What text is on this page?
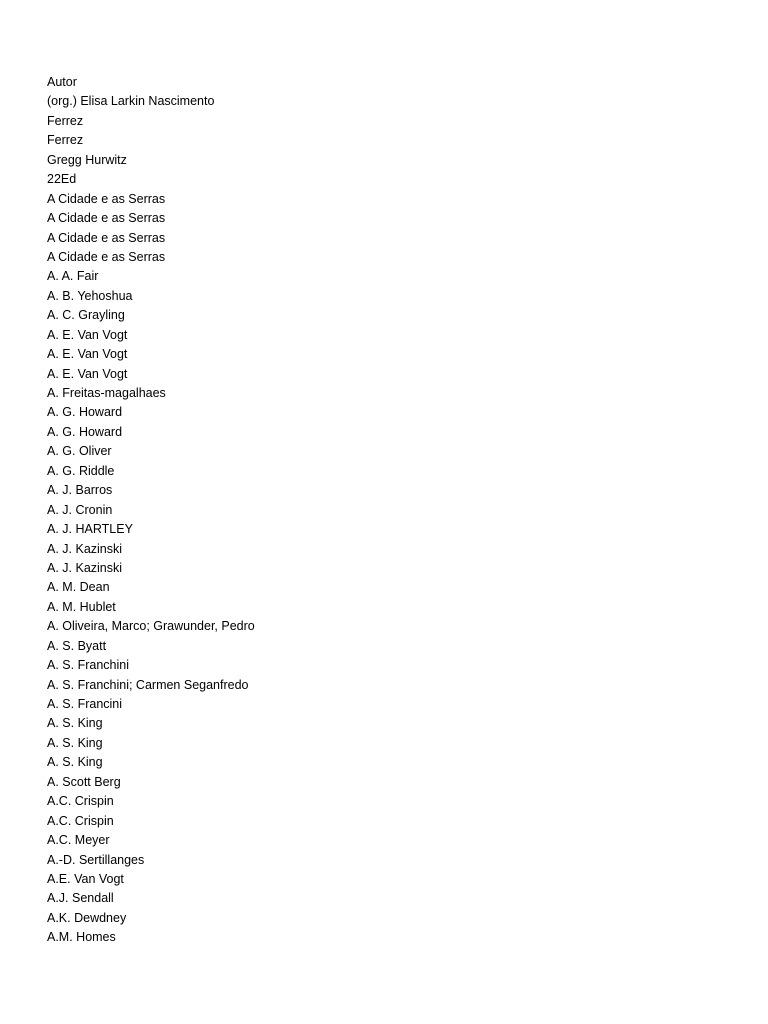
Autor
(org.) Elisa Larkin Nascimento
Ferrez
Ferrez
Gregg Hurwitz
22Ed
A Cidade e as Serras
A Cidade e as Serras
A Cidade e as Serras
A Cidade e as Serras
A. A. Fair
A. B. Yehoshua
A. C. Grayling
A. E. Van Vogt
A. E. Van Vogt
A. E. Van Vogt
A. Freitas-magalhaes
A. G. Howard
A. G. Howard
A. G. Oliver
A. G. Riddle
A. J. Barros
A. J. Cronin
A. J. HARTLEY
A. J. Kazinski
A. J. Kazinski
A. M. Dean
A. M. Hublet
A. Oliveira, Marco; Grawunder, Pedro
A. S. Byatt
A. S. Franchini
A. S. Franchini; Carmen Seganfredo
A. S. Francini
A. S. King
A. S. King
A. S. King
A. Scott Berg
A.C. Crispin
A.C. Crispin
A.C. Meyer
A.-D. Sertillanges
A.E. Van Vogt
A.J. Sendall
A.K. Dewdney
A.M. Homes
